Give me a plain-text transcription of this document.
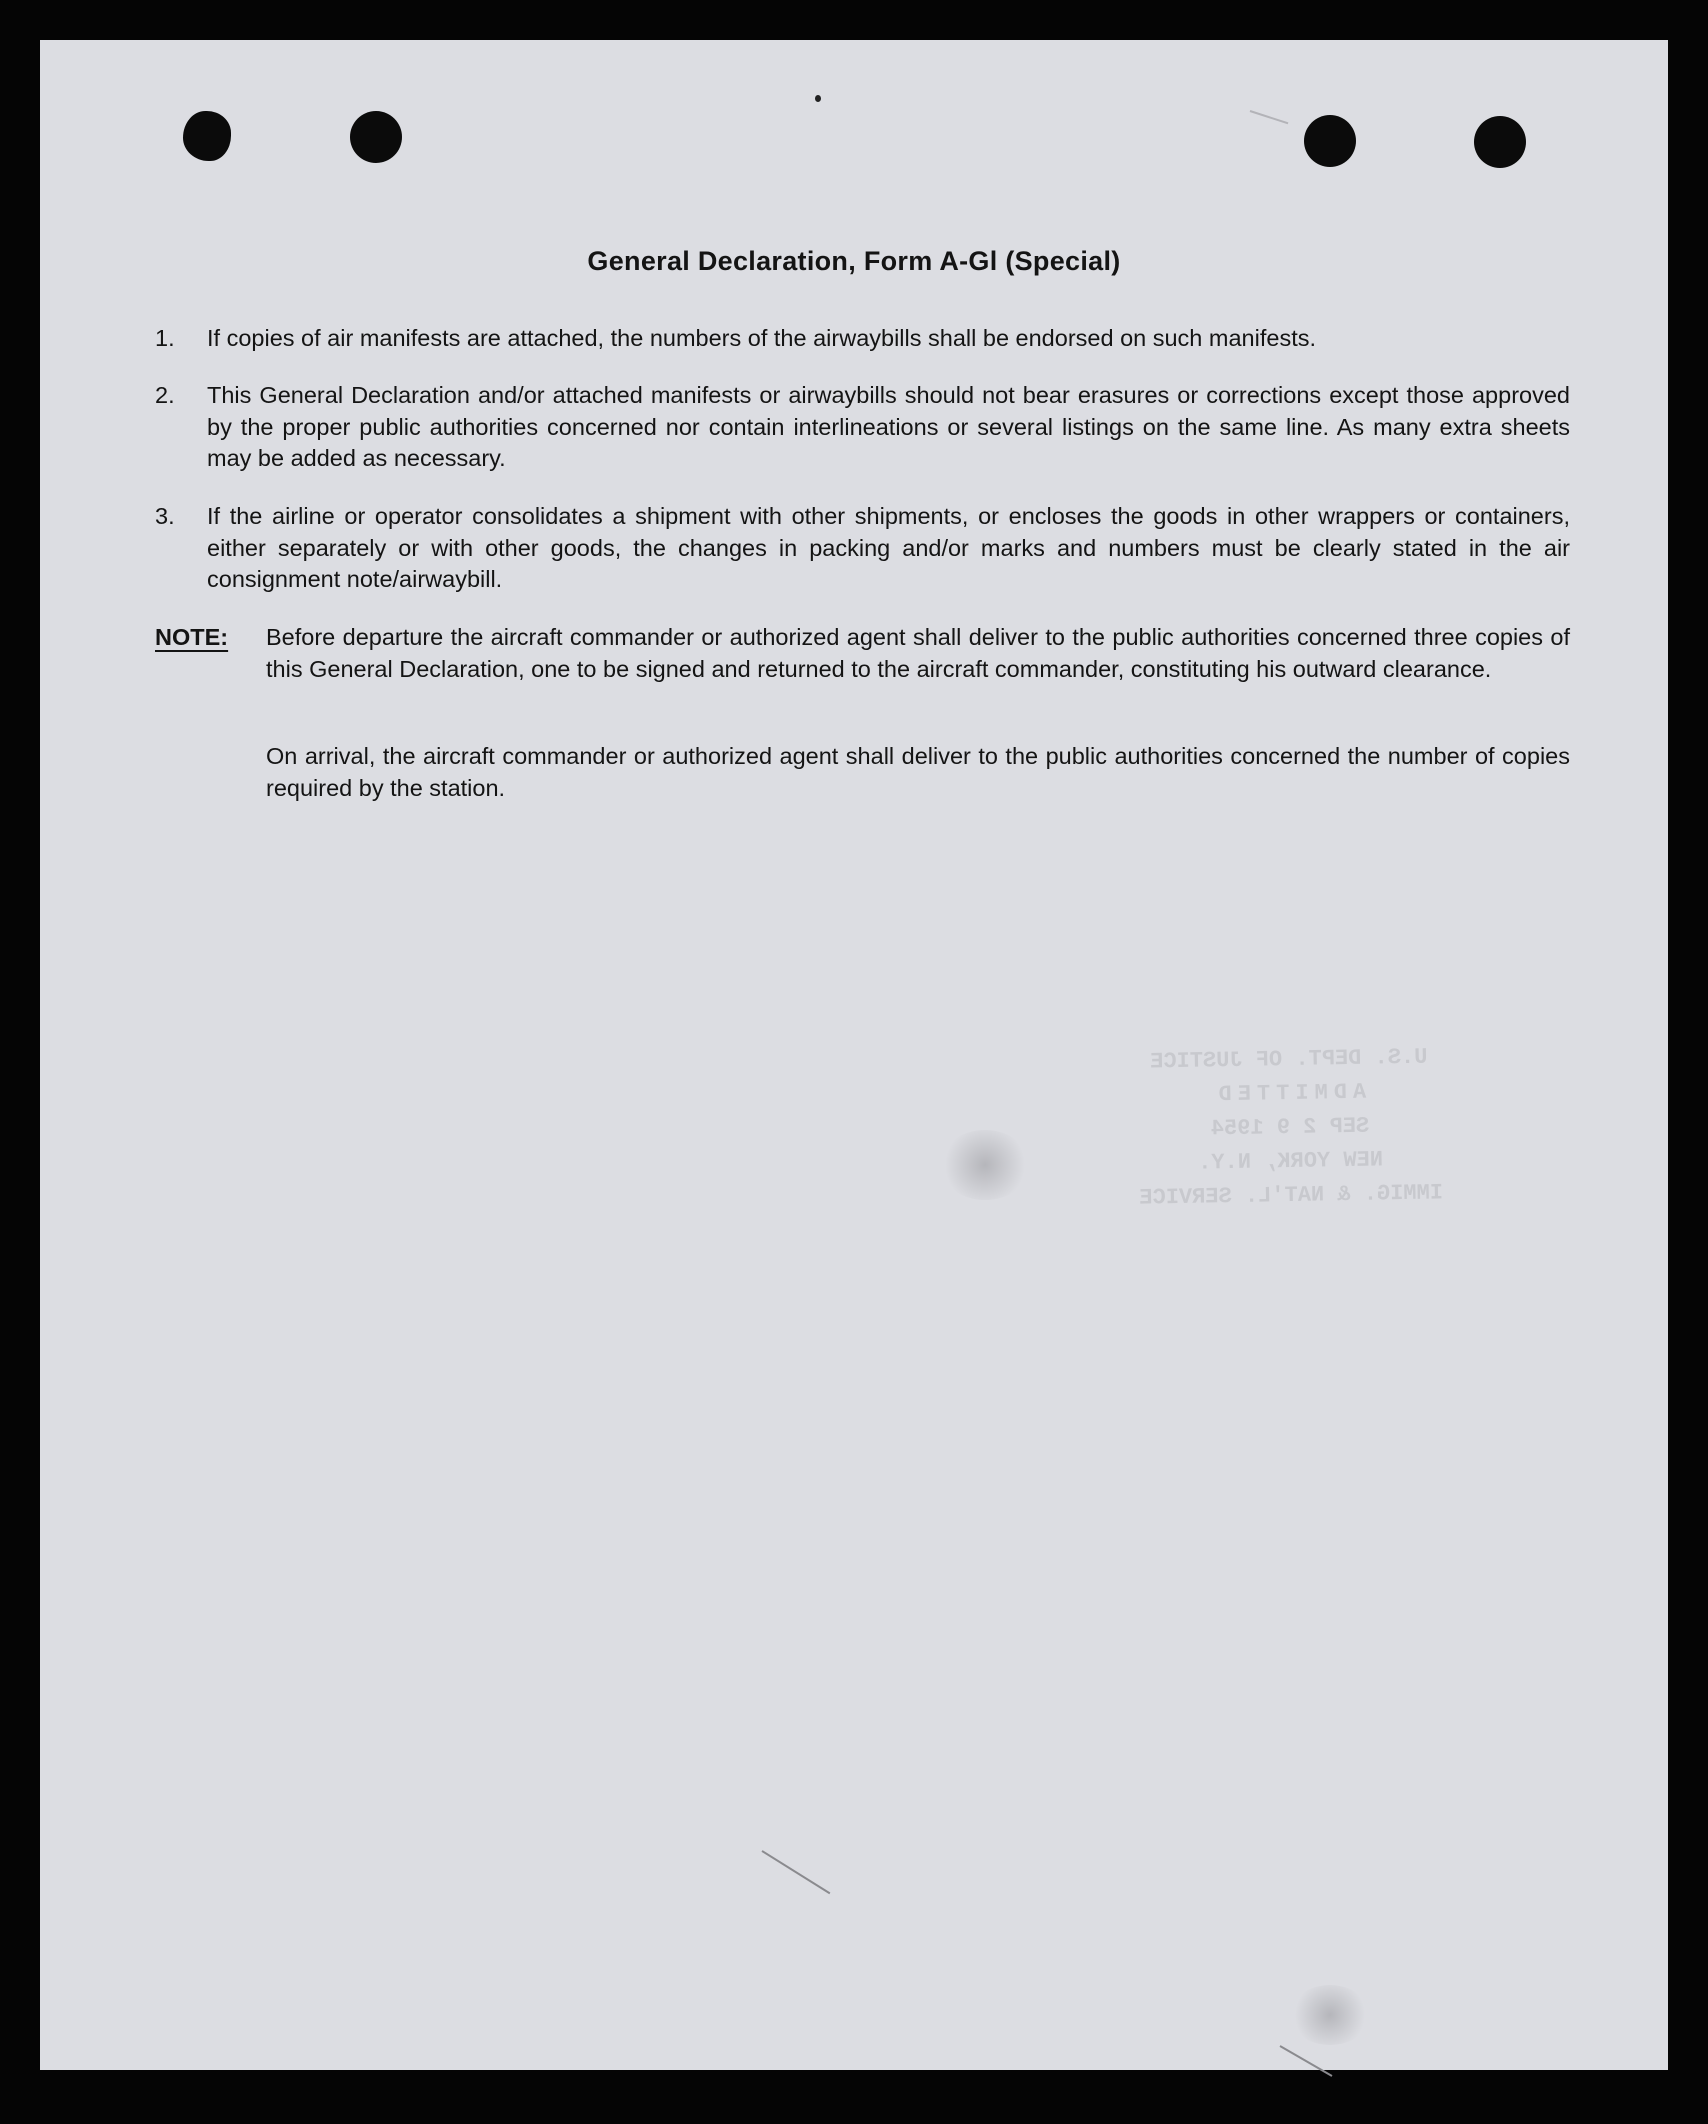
General Declaration, Form A-Gl (Special)
1.	If copies of air manifests are attached, the numbers of the airwaybills shall be endorsed on such manifests.
2.	This General Declaration and/or attached manifests or airwaybills should not bear erasures or corrections except those approved by the proper public authorities concerned nor contain interlineations or several listings on the same line. As many extra sheets may be added as necessary.
3.	If the airline or operator consolidates a shipment with other shipments, or encloses the goods in other wrappers or containers, either separately or with other goods, the changes in packing and/or marks and numbers must be clearly stated in the air consignment note/airwaybill.
NOTE: Before departure the aircraft commander or authorized agent shall deliver to the public authorities concerned three copies of this General Declaration, one to be signed and returned to the aircraft commander, constituting his outward clearance.
On arrival, the aircraft commander or authorized agent shall deliver to the public authorities concerned the number of copies required by the station.
U.S. DEPT. OF JUSTICE
ADMITTED
SEP 2 9 1954
NEW YORK, N.Y.
IMMIG. & NAT'L. SERVICE
